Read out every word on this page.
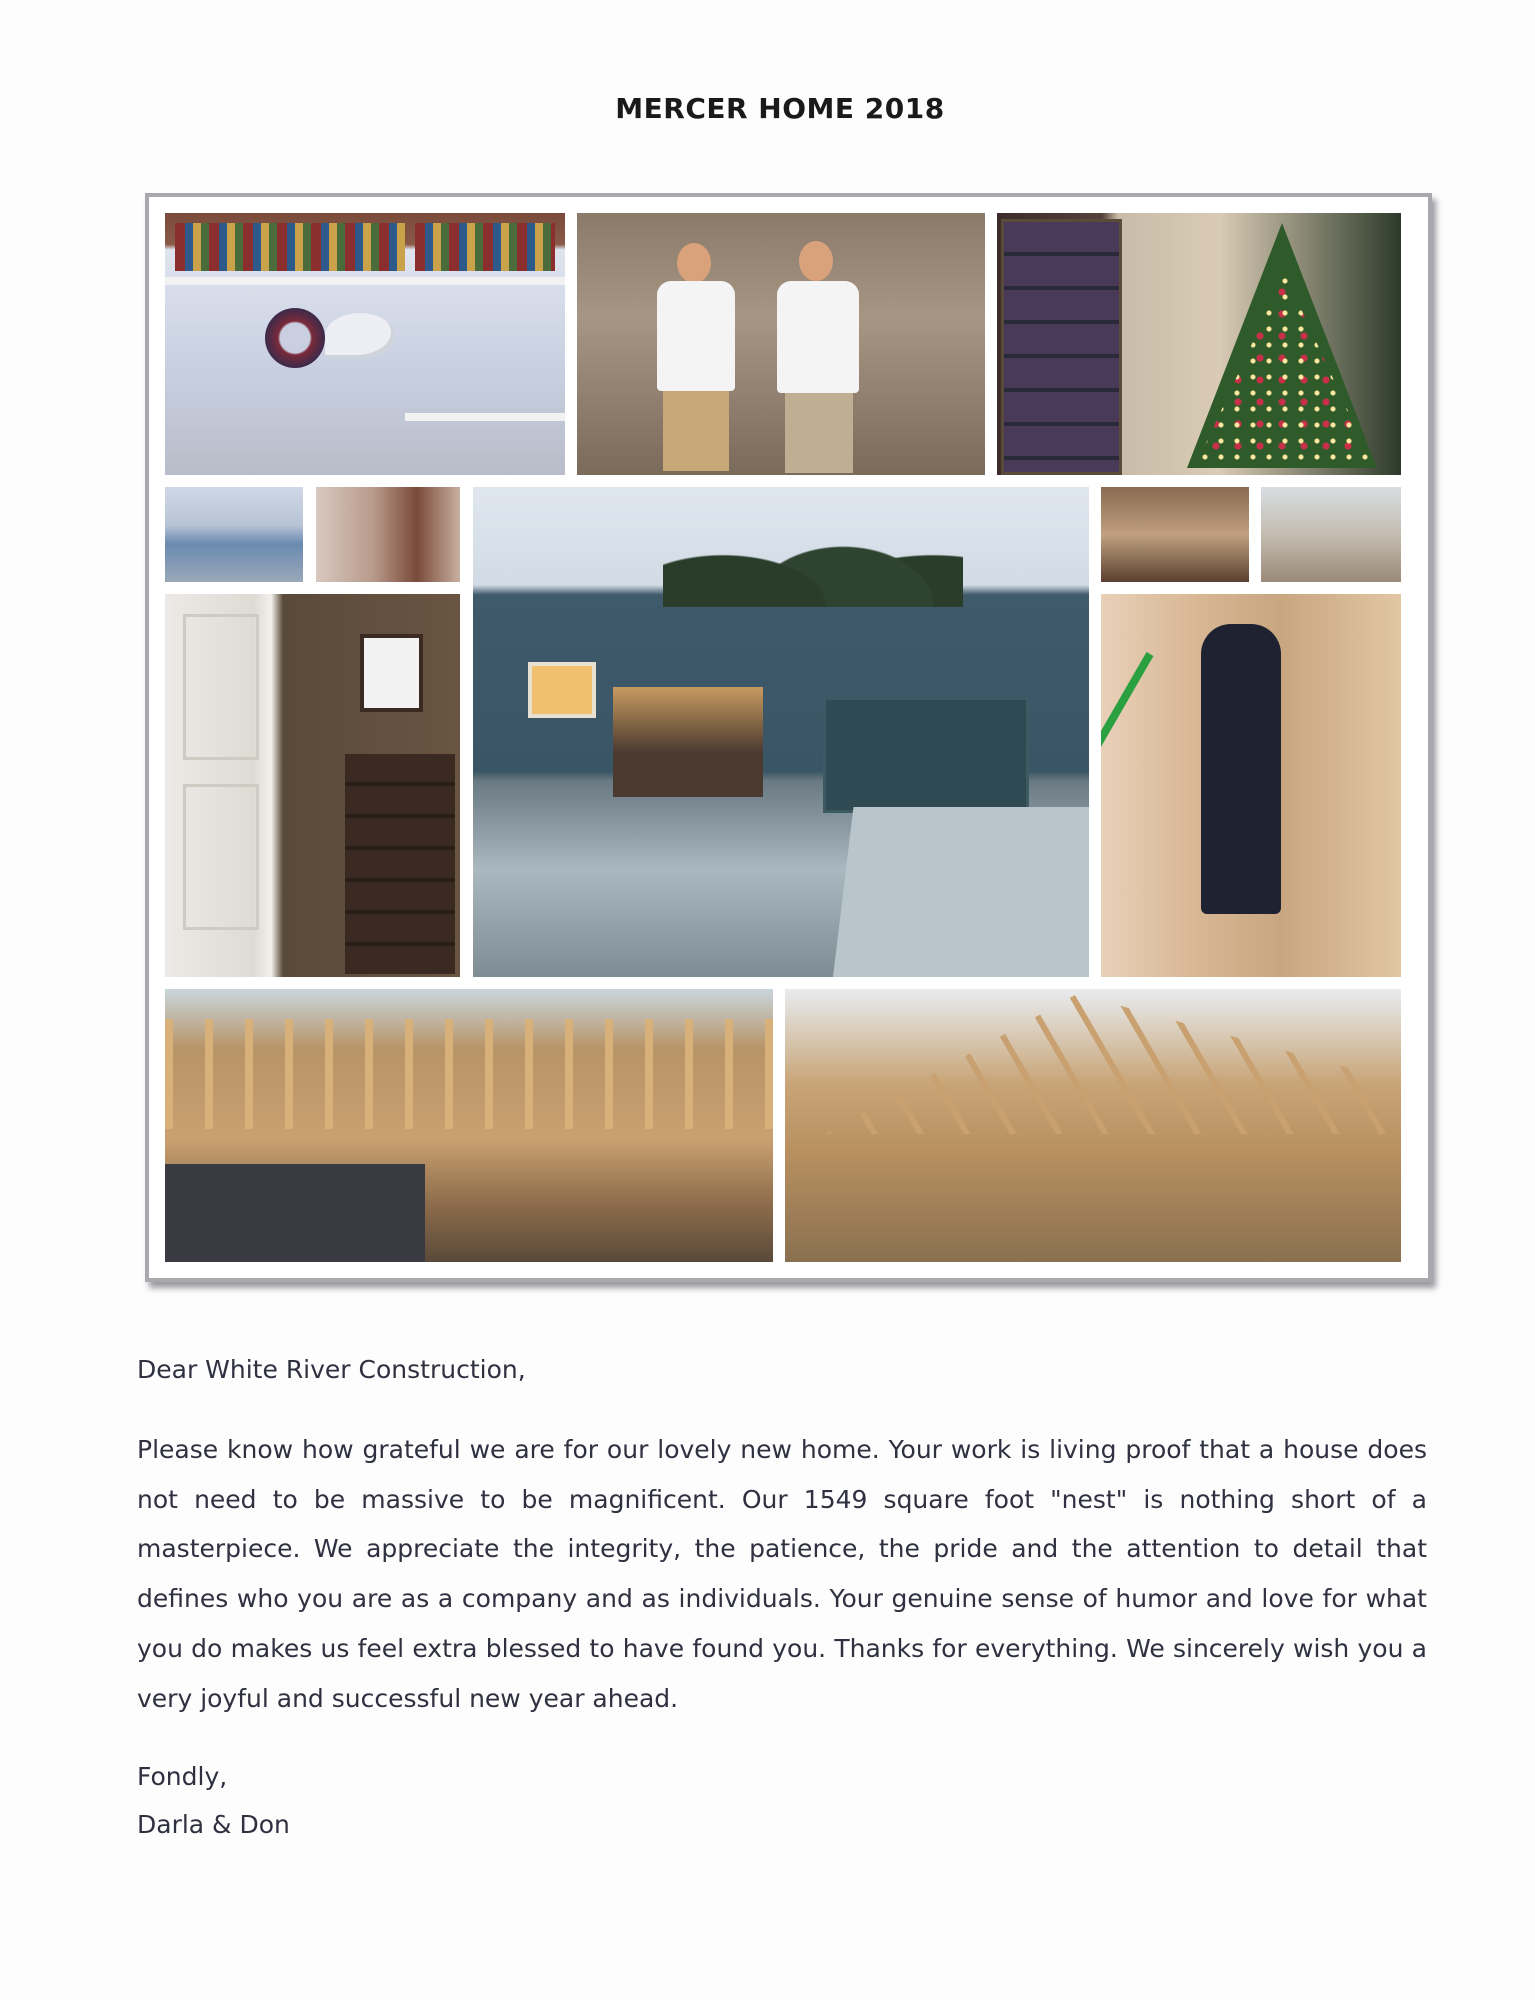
MERCER HOME 2018

Dear White River Construction,

Please know how grateful we are for our lovely new home. Your work is living proof that a house does not need to be massive to be magnificent. Our 1549 square foot "nest" is nothing short of a masterpiece. We appreciate the integrity, the patience, the pride and the attention to detail that defines who you are as a company and as individuals. Your genuine sense of humor and love for what you do makes us feel extra blessed to have found you. Thanks for everything. We sincerely wish you a very joyful and successful new year ahead.

Fondly,

Darla & Don
